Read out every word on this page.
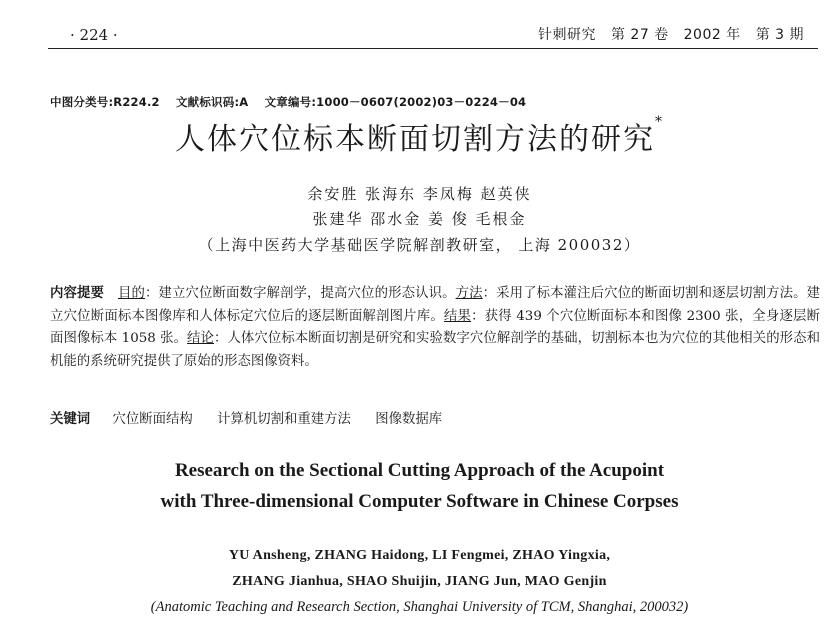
· 224 ·	针刺研究 第 27 卷 2002 年 第 3 期
中图分类号:R224.2 文献标识码:A 文章编号:1000－0607(2002)03－0224－04
人体穴位标本断面切割方法的研究*
余安胜 张海东 李凤梅 赵英侠
张建华 邵水金 姜 俊 毛根金
（上海中医药大学基础医学院解剖教研室， 上海 200032）
内容提要 目的：建立穴位断面数字解剖学，提高穴位的形态认识。方法：采用了标本灌注后穴位的断面切割和逐层切割方法。建立穴位断面标本图像库和人体标定穴位后的逐层断面解剖图片库。结果：获得 439 个穴位断面标本和图像 2300 张，全身逐层断面图像标本 1058 张。结论：人体穴位标本断面切割是研究和实验数字穴位解剖学的基础，切割标本也为穴位的其他相关的形态和机能的系统研究提供了原始的形态图像资料。
关键词 穴位断面结构 计算机切割和重建方法 图像数据库
Research on the Sectional Cutting Approach of the Acupoint
with Three-dimensional Computer Software in Chinese Corpses
YU Ansheng, ZHANG Haidong, LI Fengmei, ZHAO Yingxia,
ZHANG Jianhua, SHAO Shuijin, JIANG Jun, MAO Genjin
(Anatomic Teaching and Research Section, Shanghai University of TCM, Shanghai, 200032)
